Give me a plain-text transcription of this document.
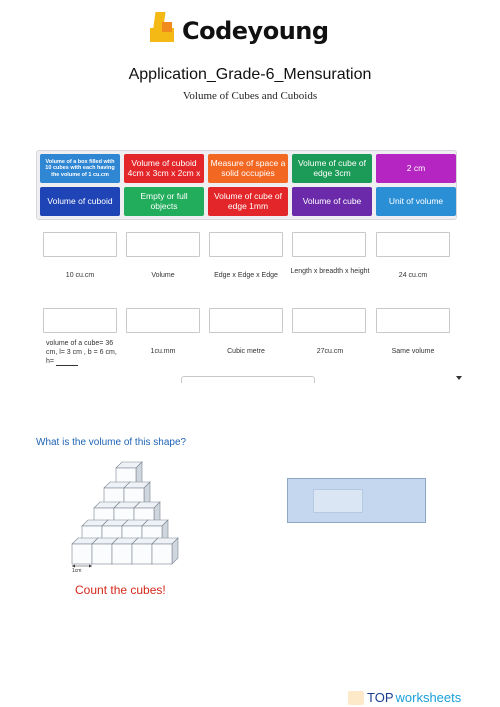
Codeyoung
Application_Grade-6_Mensuration
Volume of Cubes and Cuboids
Volume of a box filled with 10 cubes with each having the volume of 1 cu.cm
Volume of cuboid 4cm x 3cm x 2cm x
Measure of space a solid occupies
Volume of cube of edge 3cm	2 cm
Volume of cuboid	Empty or full objects
Volume of cube of edge 1mm	Volume of cube	Unit of volume
10 cu.cm	Volume	Edge x Edge x Edge
Length x breadth x height
24 cu.cm
volume of a cube= 36 cm, l= 3 cm , b = 6 cm, h=
1cu.mm	Cubic metre	27cu.cm	Same volume
What is the volume of this shape?
1cm
Count the cubes!
TOP worksheets
